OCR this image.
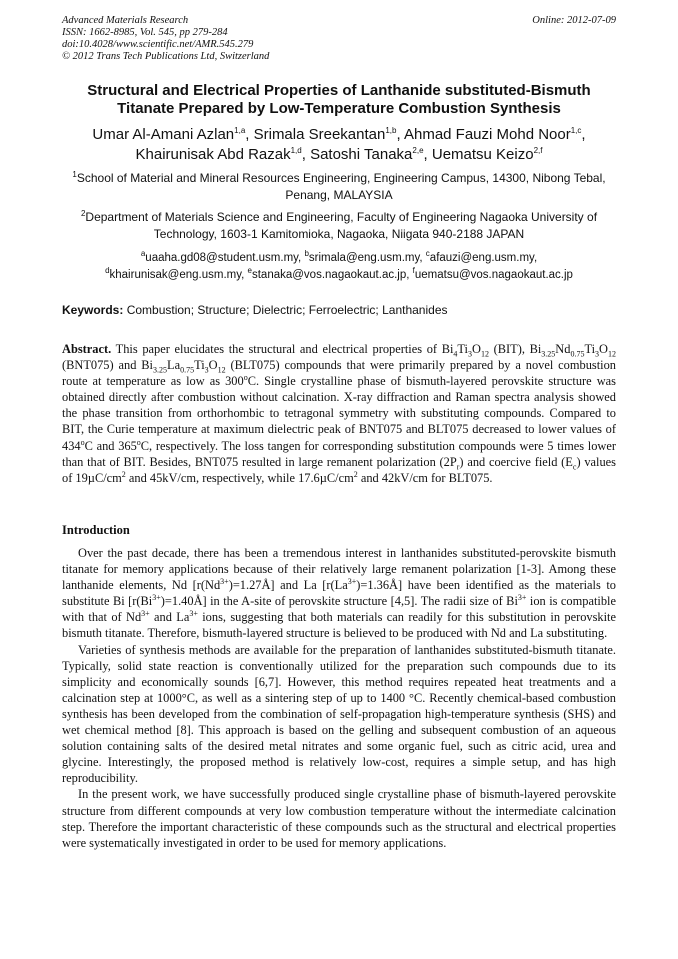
Advanced Materials Research
ISSN: 1662-8985, Vol. 545, pp 279-284
doi:10.4028/www.scientific.net/AMR.545.279
© 2012 Trans Tech Publications Ltd, Switzerland
Online: 2012-07-09
Structural and Electrical Properties of Lanthanide substituted-Bismuth Titanate Prepared by Low-Temperature Combustion Synthesis
Umar Al-Amani Azlan$^{1,a}$, Srimala Sreekantan$^{1,b}$, Ahmad Fauzi Mohd Noor$^{1,c}$,
Khairunisak Abd Razak$^{1,d}$, Satoshi Tanaka$^{2,e}$, Uematsu Keizo$^{2,f}$
$^1$School of Material and Mineral Resources Engineering, Engineering Campus, 14300, Nibong Tebal, Penang, MALAYSIA
$^2$Department of Materials Science and Engineering, Faculty of Engineering Nagaoka University of Technology, 1603-1 Kamitomioka, Nagaoka, Niigata 940-2188 JAPAN
$^a$uaaha.gd08@student.usm.my, $^b$srimala@eng.usm.my, $^c$afauzi@eng.usm.my,
$^d$khairunisak@eng.usm.my, $^e$stanaka@vos.nagaokaut.ac.jp, $^f$uematsu@vos.nagaokaut.ac.jp
Keywords: Combustion; Structure; Dielectric; Ferroelectric; Lanthanides
Abstract. This paper elucidates the structural and electrical properties of $Bi_4Ti_3O_{12}$ (BIT), $Bi_{3.25}Nd_{0.75}Ti_3O_{12}$ (BNT075) and $Bi_{3.25}La_{0.75}Ti_3O_{12}$ (BLT075) compounds that were primarily prepared by a novel combustion route at temperature as low as 300$^o$C. Single crystalline phase of bismuth-layered perovskite structure was obtained directly after combustion without calcination. X-ray diffraction and Raman spectra analysis showed the phase transition from orthorhombic to tetragonal symmetry with substituting compounds. Compared to BIT, the Curie temperature at maximum dielectric peak of BNT075 and BLT075 decreased to lower values of 434$^o$C and 365$^o$C, respectively. The loss tangen for corresponding substitution compounds were 5 times lower than that of BIT. Besides, BNT075 resulted in large remanent polarization $(2P_r)$ and coercive field $(E_c)$ values of $19\mu C/cm^2$ and 45kV/cm, respectively, while $17.6\mu C/cm^2$ and 42kV/cm for BLT075.
Introduction

Over the past decade, there has been a tremendous interest in lanthanides substituted-perovskite bismuth titanate for memory applications because of their relatively large remanent polarization [1-3]. Among these lanthanide elements, Nd $[r(Nd^{3+})=1.27Å]$ and La $[r(La^{3+})=1.36Å]$ have been identified as the materials to substitute Bi $[r(Bi^{3+})=1.40Å]$ in the A-site of perovskite structure [4,5]. The radii size of $Bi^{3+}$ ion is compatible with that of $Nd^{3+}$ and $La^{3+}$ ions, suggesting that both materials can readily for this substitution in perovskite bismuth titanate. Therefore, bismuth-layered structure is believed to be produced with Nd and La substituting.

Varieties of synthesis methods are available for the preparation of lanthanides substituted-bismuth titanate. Typically, solid state reaction is conventionally utilized for the preparation such compounds due to its simplicity and economically sounds [6,7]. However, this method requires repeated heat treatments and a calcination step at 1000°C, as well as a sintering step of up to 1400 °C. Recently chemical-based combustion synthesis has been developed from the combination of self-propagation high-temperature synthesis (SHS) and wet chemical method [8]. This approach is based on the gelling and subsequent combustion of an aqueous solution containing salts of the desired metal nitrates and some organic fuel, such as citric acid, urea and glycine. Interestingly, the proposed method is relatively low-cost, requires a simple setup, and has high reproducibility.

In the present work, we have successfully produced single crystalline phase of bismuth-layered perovskite structure from different compounds at very low combustion temperature without the intermediate calcination step. Therefore the important characteristic of these compounds such as the structural and electrical properties were systematically investigated in order to be used for memory applications.
